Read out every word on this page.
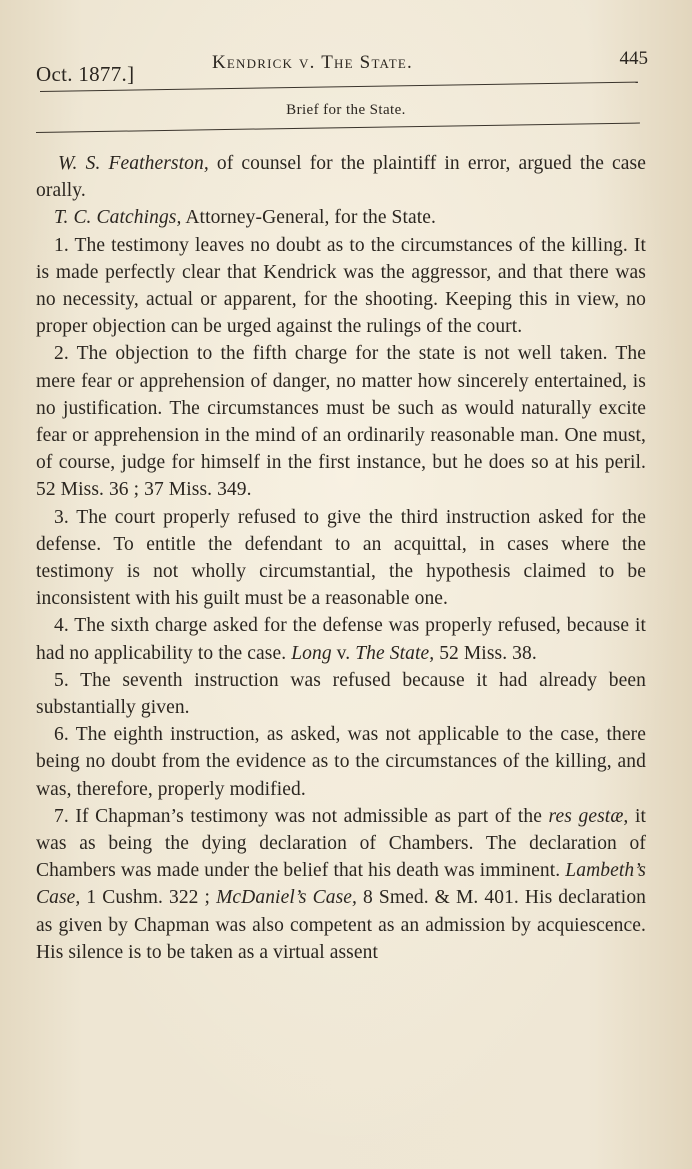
Oct. 1877.]	Kendrick v. The State.	445
Brief for the State.

W. S. Featherston, of counsel for the plaintiff in error, argued the case orally.

T. C. Catchings, Attorney-General, for the State.

1. The testimony leaves no doubt as to the circumstances of the killing. It is made perfectly clear that Kendrick was the aggressor, and that there was no necessity, actual or apparent, for the shooting. Keeping this in view, no proper objection can be urged against the rulings of the court.

2. The objection to the fifth charge for the state is not well taken. The mere fear or apprehension of danger, no matter how sincerely entertained, is no justification. The circumstances must be such as would naturally excite fear or apprehension in the mind of an ordinarily reasonable man. One must, of course, judge for himself in the first instance, but he does so at his peril. 52 Miss. 36 ; 37 Miss. 349.

3. The court properly refused to give the third instruction asked for the defense. To entitle the defendant to an acquittal, in cases where the testimony is not wholly circumstantial, the hypothesis claimed to be inconsistent with his guilt must be a reasonable one.

4. The sixth charge asked for the defense was properly refused, because it had no applicability to the case. Long v. The State, 52 Miss. 38.

5. The seventh instruction was refused because it had already been substantially given.

6. The eighth instruction, as asked, was not applicable to the case, there being no doubt from the evidence as to the circumstances of the killing, and was, therefore, properly modified.

7. If Chapman’s testimony was not admissible as part of the res gestæ, it was as being the dying declaration of Chambers. The declaration of Chambers was made under the belief that his death was imminent. Lambeth’s Case, 1 Cushm. 322 ; McDaniel’s Case, 8 Smed. & M. 401. His declaration as given by Chapman was also competent as an admission by acquiescence. His silence is to be taken as a virtual assent
